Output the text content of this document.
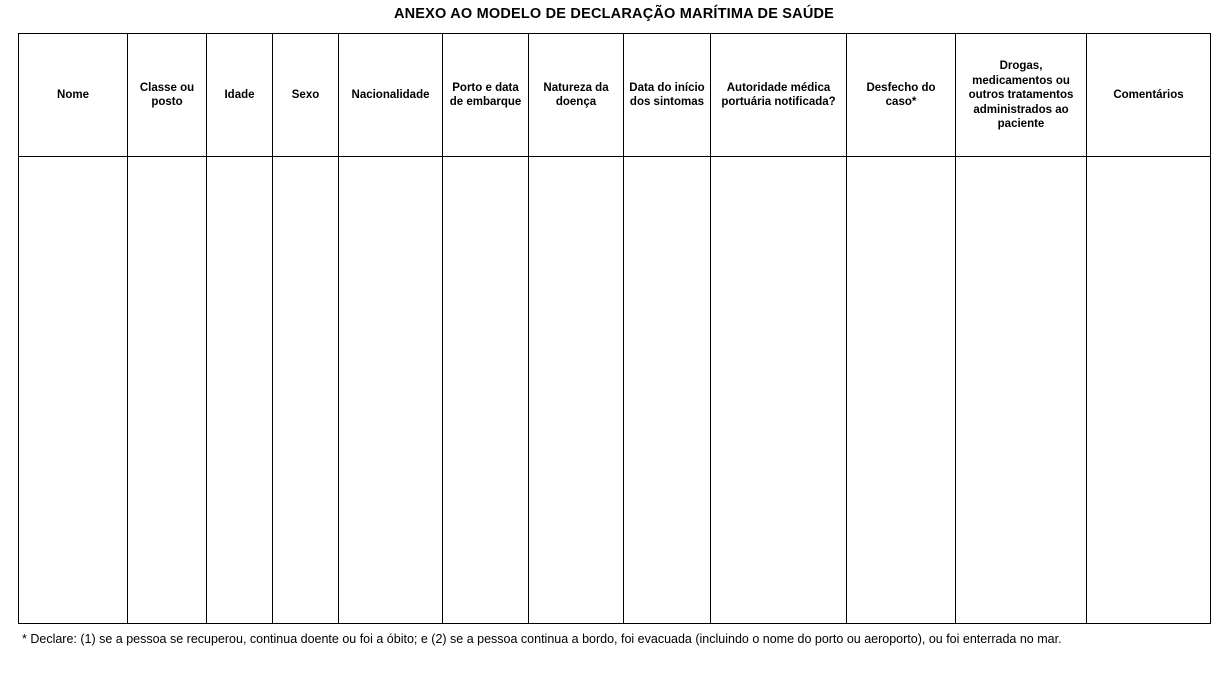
ANEXO AO MODELO DE DECLARAÇÃO MARÍTIMA DE SAÚDE
Nome	Classe ou posto	Idade	Sexo	Nacionalidade	Porto e data de embarque	Natureza da doença	Data do início dos sintomas	Autoridade médica portuária notificada?	Desfecho do caso*	Drogas, medicamentos ou outros tratamentos administrados ao paciente	Comentários

* Declare: (1) se a pessoa se recuperou, continua doente ou foi a óbito; e (2) se a pessoa continua a bordo, foi evacuada (incluindo o nome do porto ou aeroporto), ou foi enterrada no mar.
